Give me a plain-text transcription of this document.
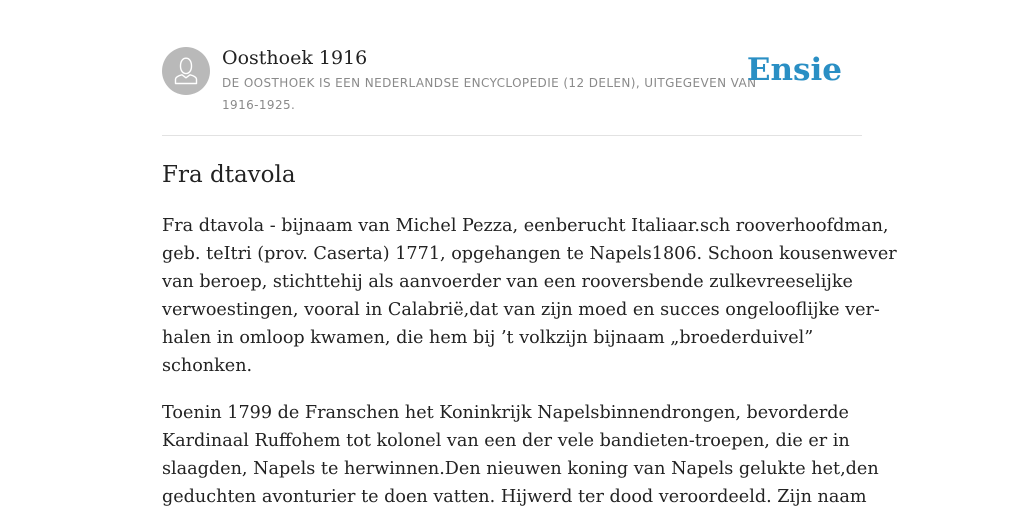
Oosthoek 1916
DE OOSTHOEK IS EEN NEDERLANDSE ENCYCLOPEDIE (12 DELEN), UITGEGEVEN VAN 1916-1925.
Ensie
Fra dtavola

Fra dtavola - bijnaam van Michel Pezza, eenberucht Italiaar.sch rooverhoofdman,
geb. teItri (prov. Caserta) 1771, opgehangen te Napels1806. Schoon kousenwever
van beroep, stichttehij als aanvoerder van een rooversbende zulkevreeselijke
verwoestingen, vooral in Calabrië,dat van zijn moed en succes ongelooflijke ver-
halen in omloop kwamen, die hem bij ’t volkzijn bijnaam „broederduivel”
schonken.

Toenin 1799 de Franschen het Koninkrijk Napelsbinnendrongen, bevorderde
Kardinaal Ruffohem tot kolonel van een der vele bandieten-troepen, die er in
slaagden, Napels te herwinnen.Den nieuwen koning van Napels gelukte het,den
geduchten avonturier te doen vatten. Hijwerd ter dood veroordeeld. Zijn naam
